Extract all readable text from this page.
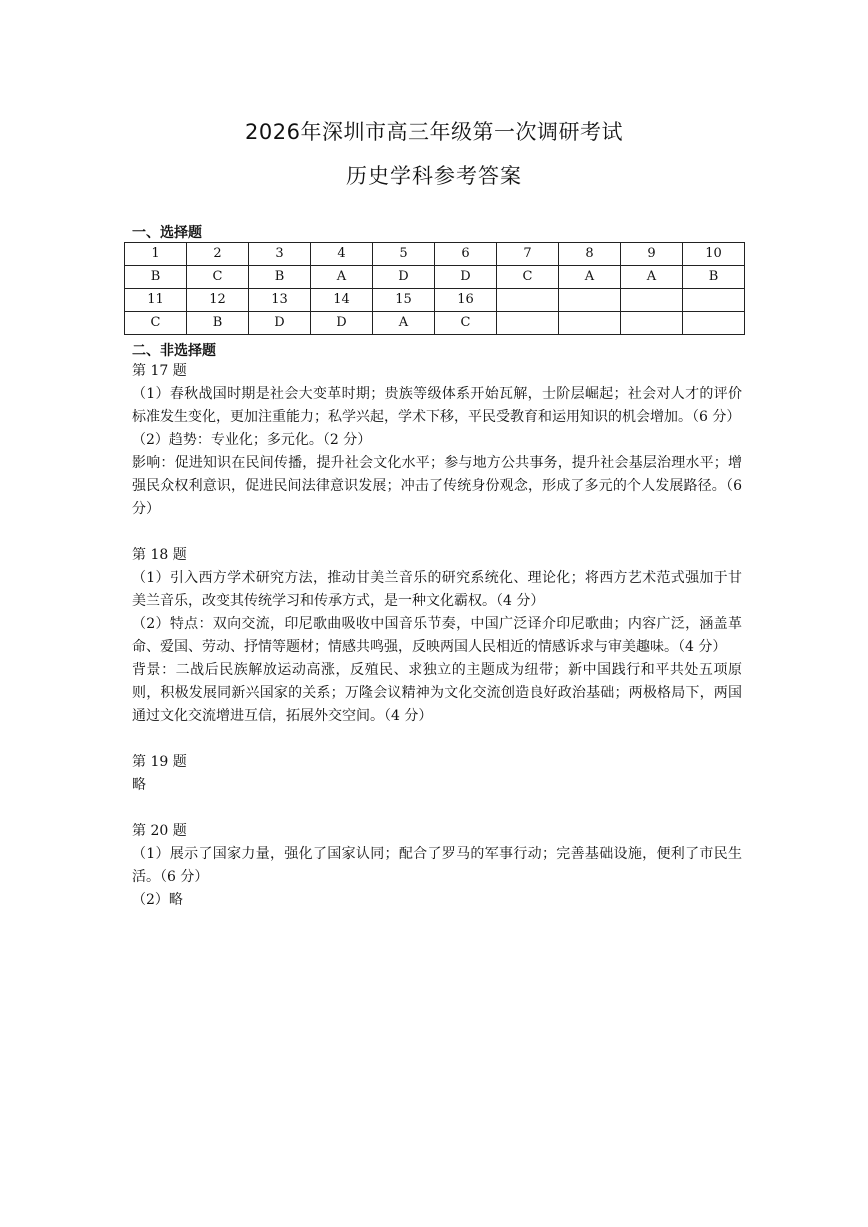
2026年深圳市高三年级第一次调研考试
历史学科参考答案
一、选择题
1	2	3	4	5	6	7	8	9	10
B	C	B	A	D	D	C	A	A	B
11	12	13	14	15	16				
C	B	D	D	A	C				
二、非选择题

第 17 题

（1）春秋战国时期是社会大变革时期；贵族等级体系开始瓦解，士阶层崛起；社会对人才的评价标准发生变化，更加注重能力；私学兴起，学术下移，平民受教育和运用知识的机会增加。（6 分）

（2）趋势：专业化；多元化。（2 分）

影响：促进知识在民间传播，提升社会文化水平；参与地方公共事务，提升社会基层治理水平；增强民众权利意识，促进民间法律意识发展；冲击了传统身份观念，形成了多元的个人发展路径。（6 分）

第 18 题

（1）引入西方学术研究方法，推动甘美兰音乐的研究系统化、理论化；将西方艺术范式强加于甘美兰音乐，改变其传统学习和传承方式，是一种文化霸权。（4 分）

（2）特点：双向交流，印尼歌曲吸收中国音乐节奏，中国广泛译介印尼歌曲；内容广泛，涵盖革命、爱国、劳动、抒情等题材；情感共鸣强，反映两国人民相近的情感诉求与审美趣味。（4 分）

背景：二战后民族解放运动高涨，反殖民、求独立的主题成为纽带；新中国践行和平共处五项原则，积极发展同新兴国家的关系；万隆会议精神为文化交流创造良好政治基础；两极格局下，两国通过文化交流增进互信，拓展外交空间。（4 分）

第 19 题

略

第 20 题

（1）展示了国家力量，强化了国家认同；配合了罗马的军事行动；完善基础设施，便利了市民生活。（6 分）

（2）略
